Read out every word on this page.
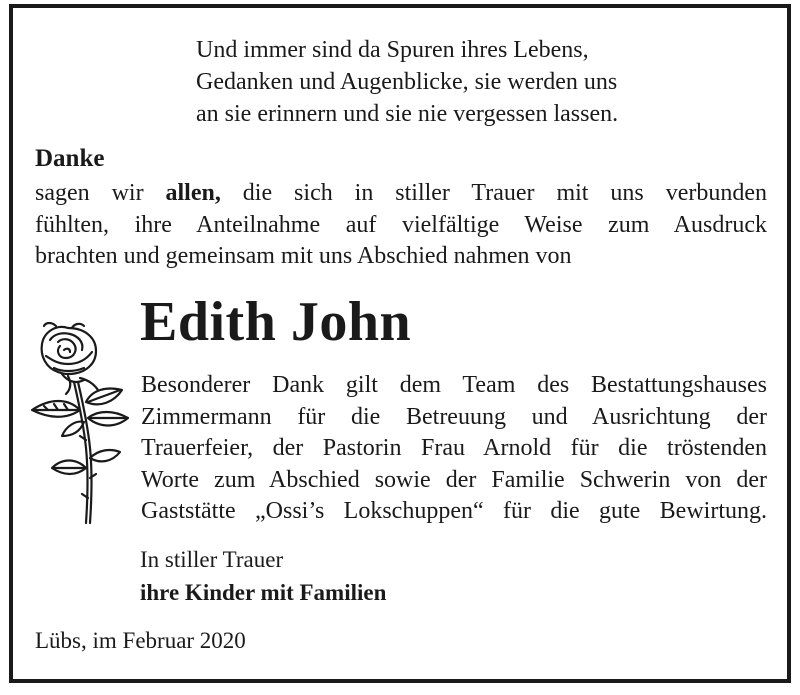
Und immer sind da Spuren ihres Lebens,
Gedanken und Augenblicke, sie werden uns
an sie erinnern und sie nie vergessen lassen.
Danke
sagen wir allen, die sich in stiller Trauer mit uns verbunden
fühlten, ihre Anteilnahme auf vielfältige Weise zum Ausdruck
brachten und gemeinsam mit uns Abschied nahmen von
Edith John
Besonderer Dank gilt dem Team des Bestattungshauses
Zimmermann für die Betreuung und Ausrichtung der
Trauerfeier, der Pastorin Frau Arnold für die tröstenden
Worte zum Abschied sowie der Familie Schwerin von der
Gaststätte „Ossi’s Lokschuppen“ für die gute Bewirtung.
In stiller Trauer
ihre Kinder mit Familien
Lübs, im Februar 2020
